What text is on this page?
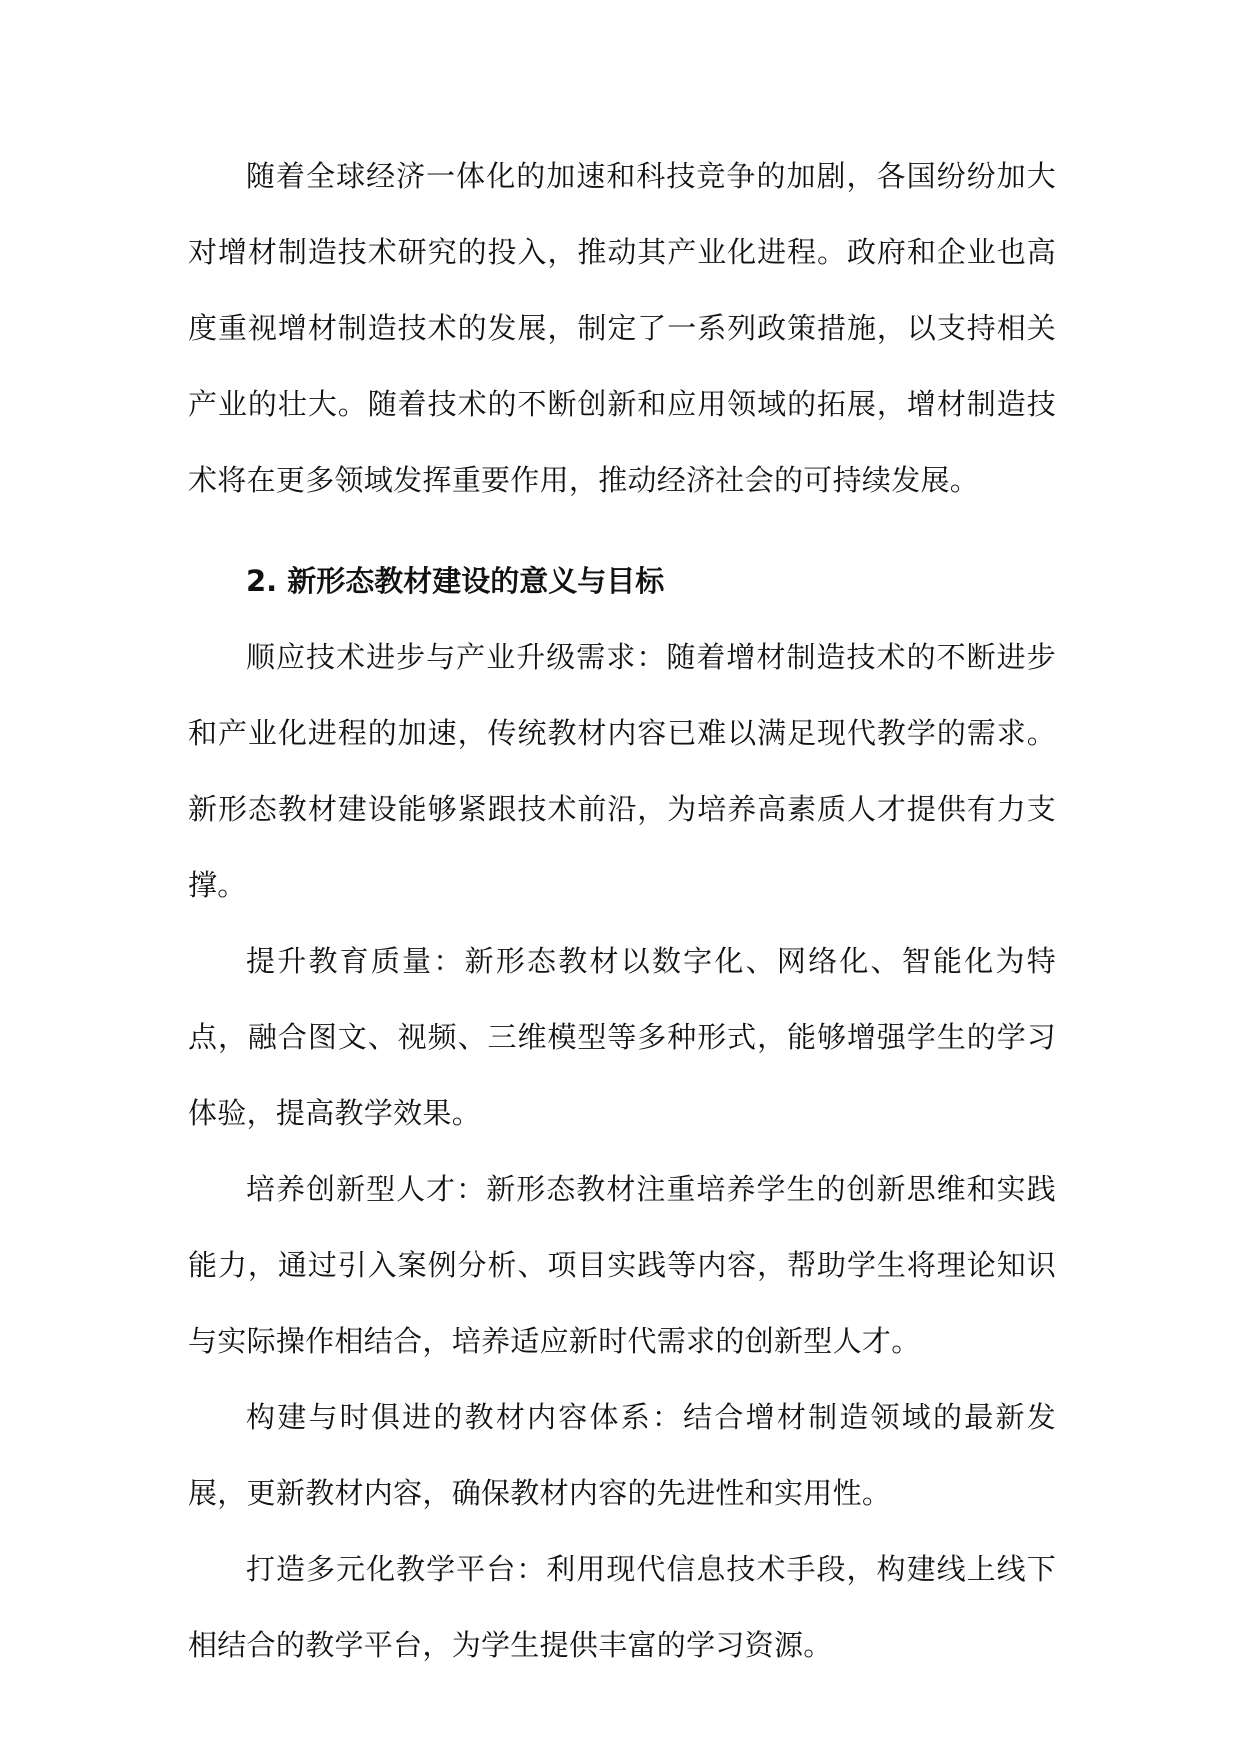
随着全球经济一体化的加速和科技竞争的加剧，各国纷纷加大对增材制造技术研究的投入，推动其产业化进程。政府和企业也高度重视增材制造技术的发展，制定了一系列政策措施，以支持相关产业的壮大。随着技术的不断创新和应用领域的拓展，增材制造技术将在更多领域发挥重要作用，推动经济社会的可持续发展。

2. 新形态教材建设的意义与目标

顺应技术进步与产业升级需求：随着增材制造技术的不断进步和产业化进程的加速，传统教材内容已难以满足现代教学的需求。新形态教材建设能够紧跟技术前沿，为培养高素质人才提供有力支撑。

提升教育质量：新形态教材以数字化、网络化、智能化为特点，融合图文、视频、三维模型等多种形式，能够增强学生的学习体验，提高教学效果。

培养创新型人才：新形态教材注重培养学生的创新思维和实践能力，通过引入案例分析、项目实践等内容，帮助学生将理论知识与实际操作相结合，培养适应新时代需求的创新型人才。

构建与时俱进的教材内容体系：结合增材制造领域的最新发展，更新教材内容，确保教材内容的先进性和实用性。

打造多元化教学平台：利用现代信息技术手段，构建线上线下相结合的教学平台，为学生提供丰富的学习资源。
